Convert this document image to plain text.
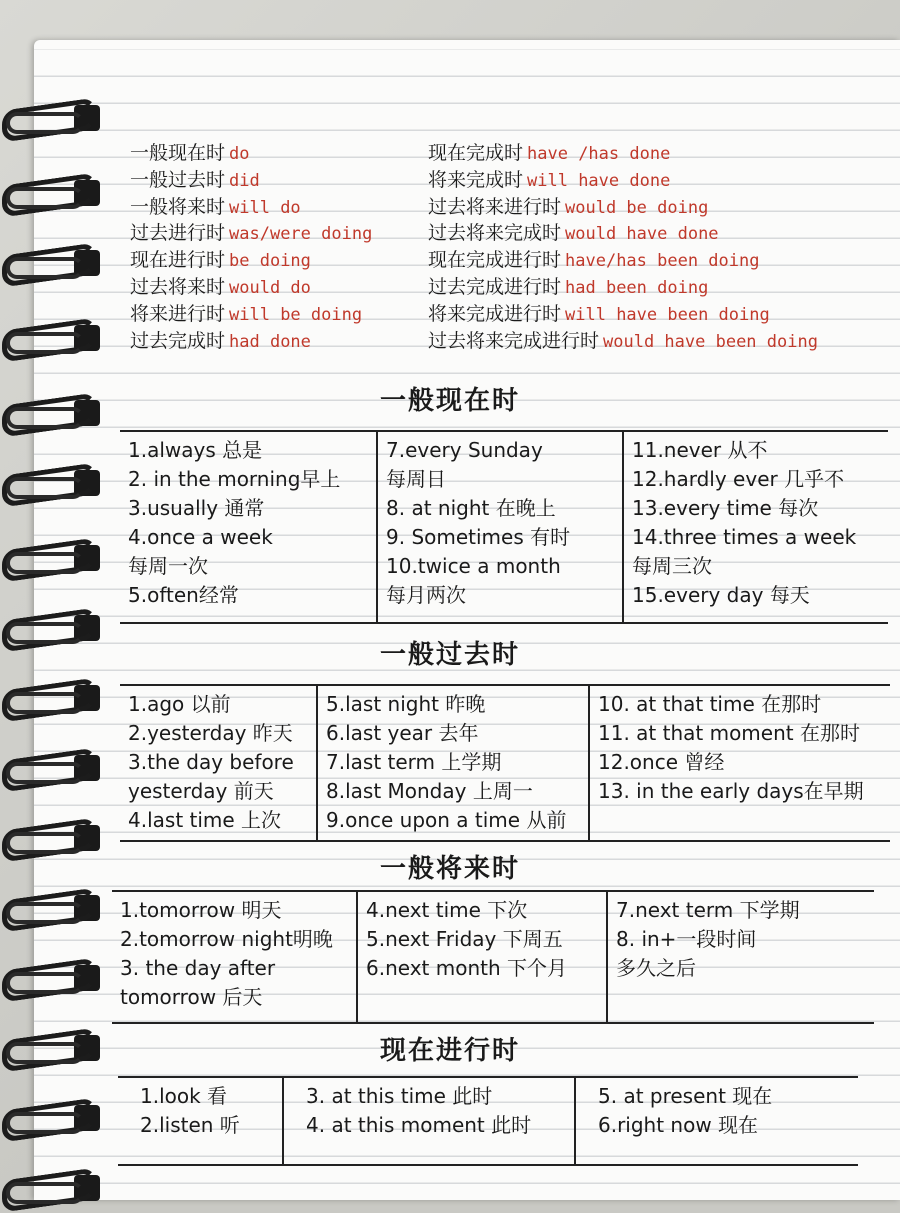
一般现在时 do
一般过去时 did
一般将来时 will do
过去进行时 was/were doing
现在进行时 be doing
过去将来时 would do
将来进行时 will be doing
过去完成时 had done
现在完成时 have /has done
将来完成时 will have done
过去将来进行时 would be doing
过去将来完成时 would have done
现在完成进行时 have/has been doing
过去完成进行时 had been doing
将来完成进行时 will have been doing
过去将来完成进行时 would have been doing
一般现在时
1.always 总是
2. in the morning早上
3.usually 通常
4.once a week
每周一次
5.often经常
7.every Sunday
每周日
8. at night 在晚上
9. Sometimes 有时
10.twice a month
每月两次
11.never 从不
12.hardly ever 几乎不
13.every time 每次
14.three times a week
每周三次
15.every day 每天
一般过去时
1.ago 以前
2.yesterday 昨天
3.the day before
yesterday 前天
4.last time 上次
5.last night 昨晚
6.last year 去年
7.last term 上学期
8.last Monday 上周一
9.once upon a time 从前
10. at that time 在那时
11. at that moment 在那时
12.once 曾经
13. in the early days在早期
一般将来时
1.tomorrow 明天
2.tomorrow night明晚
3. the day after
tomorrow 后天
4.next time 下次
5.next Friday 下周五
6.next month 下个月
7.next term 下学期
8. in+一段时间
多久之后
现在进行时
1.look 看
2.listen 听
3. at this time 此时
4. at this moment 此时
5. at present 现在
6.right now 现在
